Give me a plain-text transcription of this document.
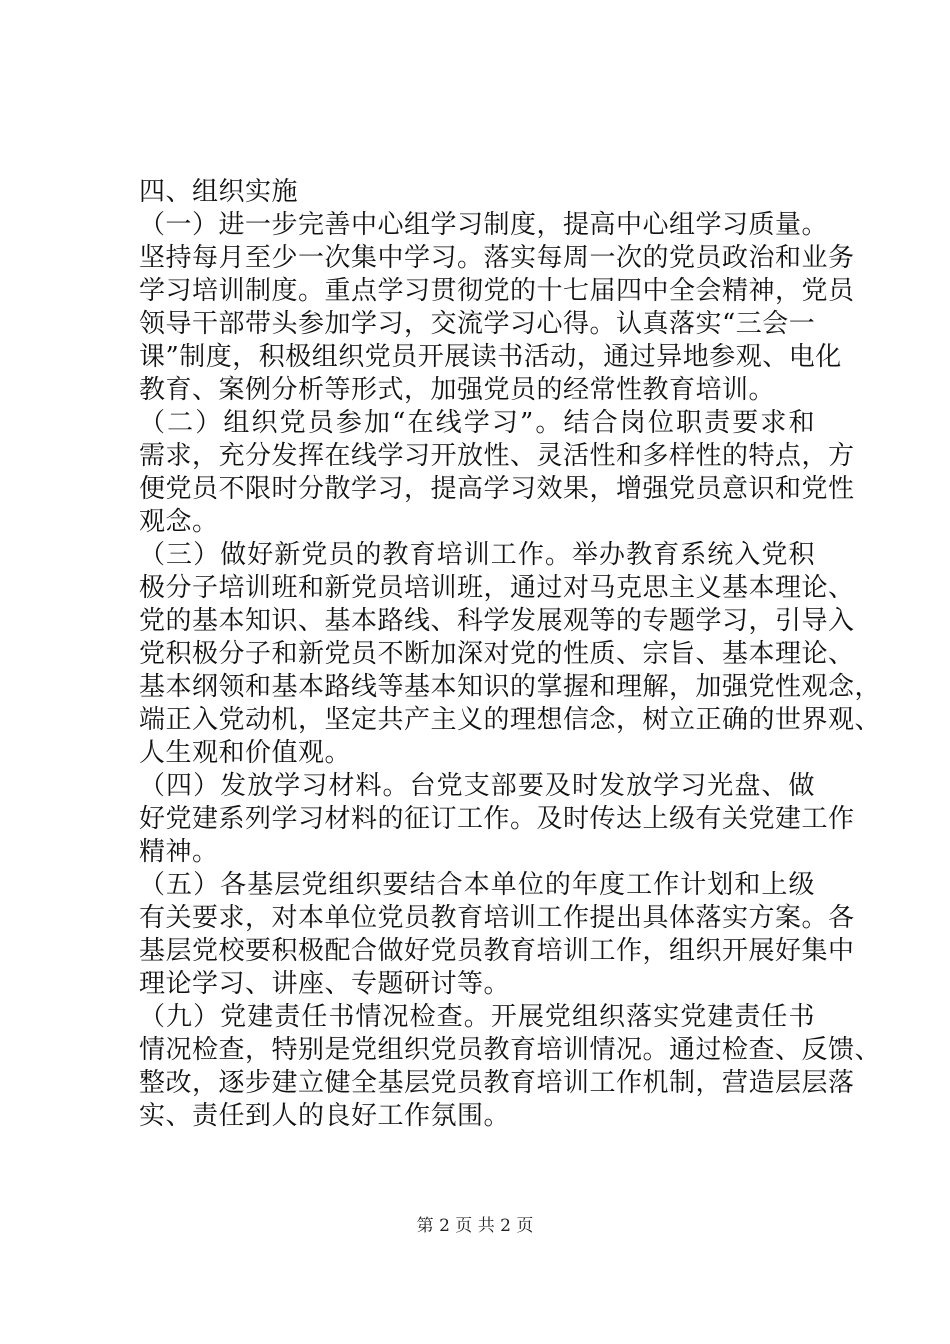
四、组织实施
（一）进一步完善中心组学习制度，提高中心组学习质量。
坚持每月至少一次集中学习。落实每周一次的党员政治和业务
学习培训制度。重点学习贯彻党的十七届四中全会精神，党员
领导干部带头参加学习，交流学习心得。认真落实“三会一
课”制度，积极组织党员开展读书活动，通过异地参观、电化
教育、案例分析等形式，加强党员的经常性教育培训。
（二）组织党员参加“在线学习”。结合岗位职责要求和
需求，充分发挥在线学习开放性、灵活性和多样性的特点，方
便党员不限时分散学习，提高学习效果，增强党员意识和党性
观念。
（三）做好新党员的教育培训工作。举办教育系统入党积
极分子培训班和新党员培训班，通过对马克思主义基本理论、
党的基本知识、基本路线、科学发展观等的专题学习，引导入
党积极分子和新党员不断加深对党的性质、宗旨、基本理论、
基本纲领和基本路线等基本知识的掌握和理解，加强党性观念，
端正入党动机，坚定共产主义的理想信念，树立正确的世界观、
人生观和价值观。
（四）发放学习材料。台党支部要及时发放学习光盘、做
好党建系列学习材料的征订工作。及时传达上级有关党建工作
精神。
（五）各基层党组织要结合本单位的年度工作计划和上级
有关要求，对本单位党员教育培训工作提出具体落实方案。各
基层党校要积极配合做好党员教育培训工作，组织开展好集中
理论学习、讲座、专题研讨等。
（九）党建责任书情况检查。开展党组织落实党建责任书
情况检查，特别是党组织党员教育培训情况。通过检查、反馈、
整改，逐步建立健全基层党员教育培训工作机制，营造层层落
实、责任到人的良好工作氛围。
第 2 页 共 2 页
